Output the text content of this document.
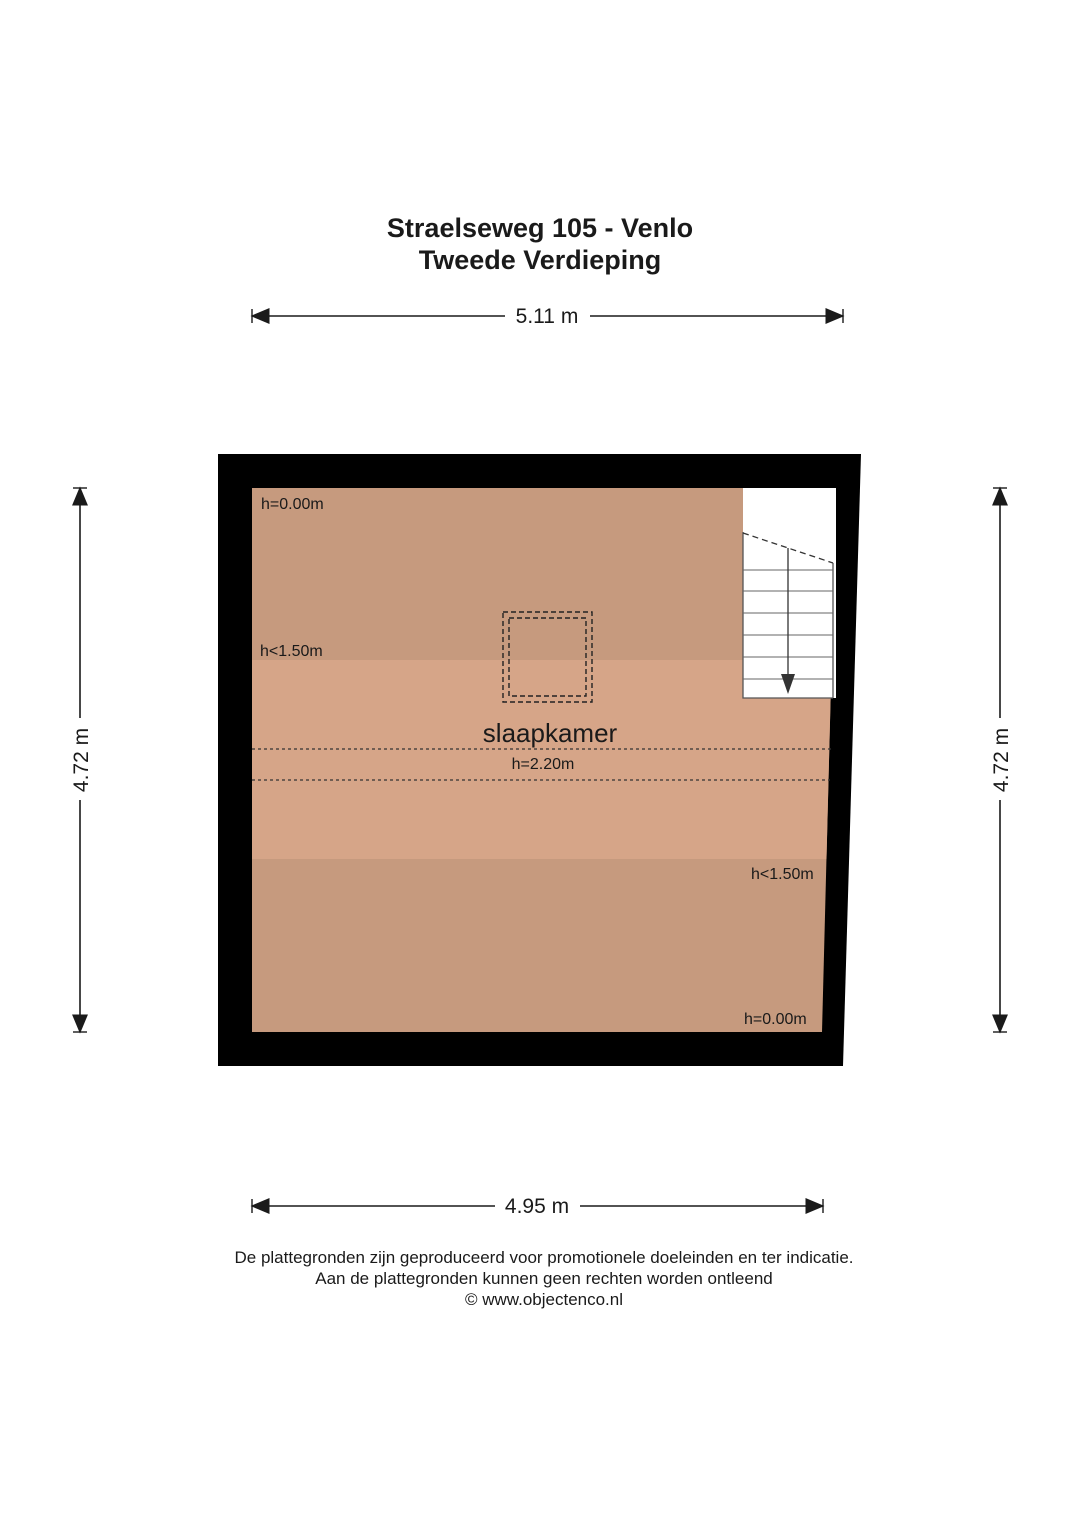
Straelseweg 105 - Venlo
Tweede Verdieping
5.11 m
4.95 m
4.72 m	4.72 m
slaapkamer
h=2.20m
h=0.00m
h<1.50m
h<1.50m
h=0.00m
De plattegronden zijn geproduceerd voor promotionele doeleinden en ter indicatie.
Aan de plattegronden kunnen geen rechten worden ontleend
© www.objectenco.nl
